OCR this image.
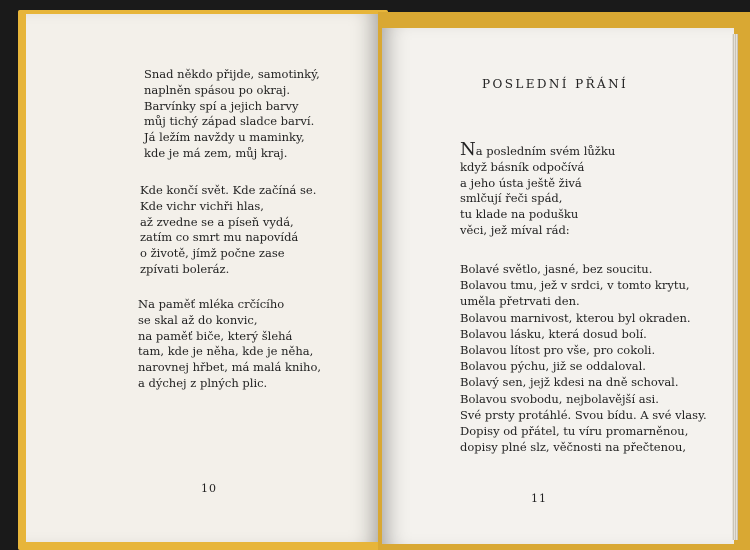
Snad někdo přijde, samotinký,
naplněn spásou po okraj.
Barvínky spí a jejich barvy
můj tichý západ sladce barví.
Já ležím navždy u maminky,
kde je má zem, můj kraj.
Kde končí svět. Kde začíná se.
Kde vichr vichři hlas,
až zvedne se a píseň vydá,
zatím co smrt mu napovídá
o životě, jímž počne zase
zpívati bolеráz.
Na paměť mléka crčícího
se skal až do konvic,
na paměť biče, který šlehá
tam, kde je něha, kde je něha,
narovnej hřbet, má malá kniho,
a dýchej z plných plic.
10
POSLEDNÍ PŘÁNÍ
Na posledním svém lůžku
když básník odpočívá
a jeho ústa ještě živá
smlčují řeči spád,
tu klade na podušku
věci, jež míval rád:
Bolavé světlo, jasné, bez soucitu.
Bolavou tmu, jež v srdci, v tomto krytu,
uměla přetrvati den.
Bolavou marnivost, kterou byl okraden.
Bolavou lásku, která dosud bolí.
Bolavou lítost pro vše, pro cokoli.
Bolavou pýchu, již se oddaloval.
Bolavý sen, jejž kdesi na dně schoval.
Bolavou svobodu, nejbolavější asi.
Své prsty protáhlé. Svou bídu. A své vlasy.
Dopisy od přátel, tu víru promarněnou,
dopisy plné slz, věčnosti na přečtenou,
11
